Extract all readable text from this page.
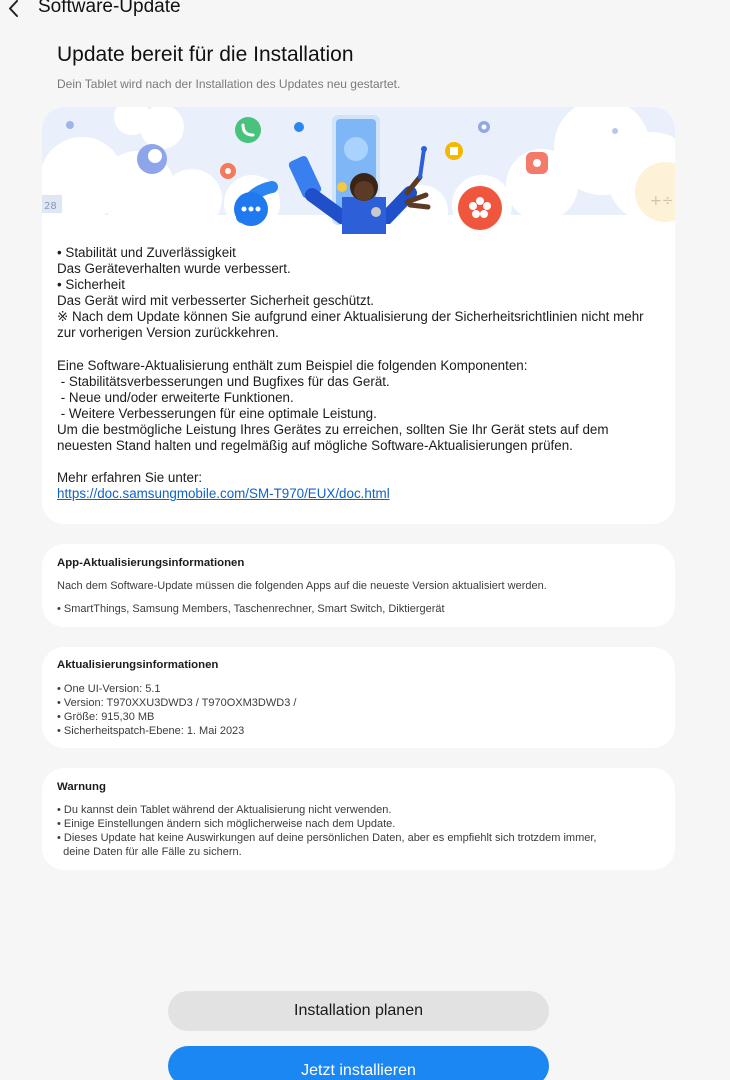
Software-Update
Update bereit für die Installation
Dein Tablet wird nach der Installation des Updates neu gestartet.
28	+÷
• Stabilität und Zuverlässigkeit
Das Geräteverhalten wurde verbessert.
• Sicherheit
Das Gerät wird mit verbesserter Sicherheit geschützt.
※ Nach dem Update können Sie aufgrund einer Aktualisierung der Sicherheitsrichtlinien nicht mehr
zur vorherigen Version zurückkehren.
Eine Software-Aktualisierung enthält zum Beispiel die folgenden Komponenten:
- Stabilitätsverbesserungen und Bugfixes für das Gerät.
- Neue und/oder erweiterte Funktionen.
- Weitere Verbesserungen für eine optimale Leistung.
Um die bestmögliche Leistung Ihres Gerätes zu erreichen, sollten Sie Ihr Gerät stets auf dem
neuesten Stand halten und regelmäßig auf mögliche Software-Aktualisierungen prüfen.
Mehr erfahren Sie unter:
https://doc.samsungmobile.com/SM-T970/EUX/doc.html
App-Aktualisierungsinformationen
Nach dem Software-Update müssen die folgenden Apps auf die neueste Version aktualisiert werden.
• SmartThings, Samsung Members, Taschenrechner, Smart Switch, Diktiergerät
Aktualisierungsinformationen
• One UI-Version: 5.1
• Version: T970XXU3DWD3 / T970OXM3DWD3 /
• Größe: 915,30 MB
• Sicherheitspatch-Ebene: 1. Mai 2023
Warnung
• Du kannst dein Tablet während der Aktualisierung nicht verwenden.
• Einige Einstellungen ändern sich möglicherweise nach dem Update.
• Dieses Update hat keine Auswirkungen auf deine persönlichen Daten, aber es empfiehlt sich trotzdem immer,
deine Daten für alle Fälle zu sichern.
Installation planen
Jetzt installieren
